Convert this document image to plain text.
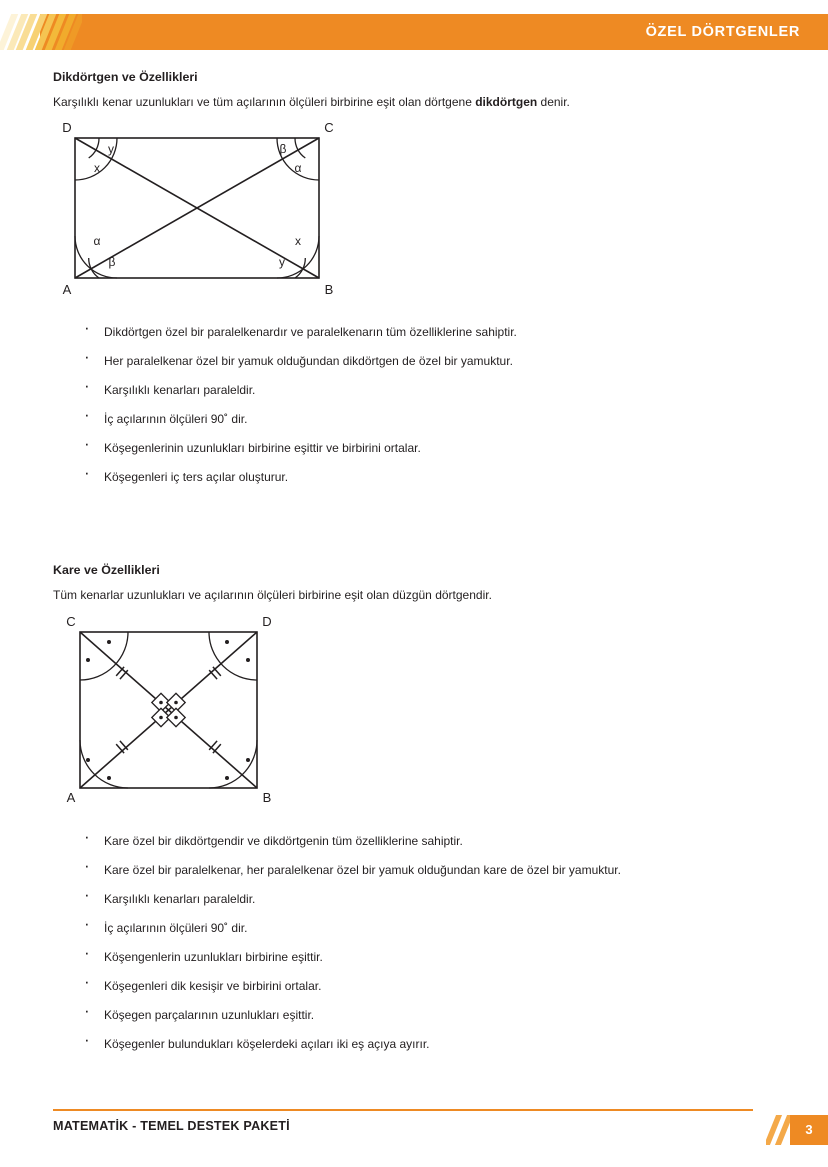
ÖZEL DÖRTGENLER
Dikdörtgen ve Özellikleri
Karşılıklı kenar uzunlukları ve tüm açılarının ölçüleri birbirine eşit olan dörtgene dikdörtgen denir.
D	C
A	B
y
x
β
α
α
β
x
y
· Dikdörtgen özel bir paralelkenardır ve paralelkenarın tüm özelliklerine sahiptir.
· Her paralelkenar özel bir yamuk olduğundan dikdörtgen de özel bir yamuktur.
· Karşılıklı kenarları paraleldir.
· İç açılarının ölçüleri 90˚ dir.
· Köşegenlerinin uzunlukları birbirine eşittir ve birbirini ortalar.
· Köşegenleri iç ters açılar oluşturur.
Kare ve Özellikleri
Tüm kenarlar uzunlukları ve açılarının ölçüleri birbirine eşit olan düzgün dörtgendir.
C	D
A	B
· Kare özel bir dikdörtgendir ve dikdörtgenin tüm özelliklerine sahiptir.
· Kare özel bir paralelkenar, her paralelkenar özel bir yamuk olduğundan kare de özel bir yamuktur.
· Karşılıklı kenarları paraleldir.
· İç açılarının ölçüleri 90˚ dir.
· Köşengenlerin uzunlukları birbirine eşittir.
· Köşegenleri dik kesişir ve birbirini ortalar.
· Köşegen parçalarının uzunlukları eşittir.
· Köşegenler bulundukları köşelerdeki açıları iki eş açıya ayırır.
MATEMATİK - TEMEL DESTEK PAKETİ	3
